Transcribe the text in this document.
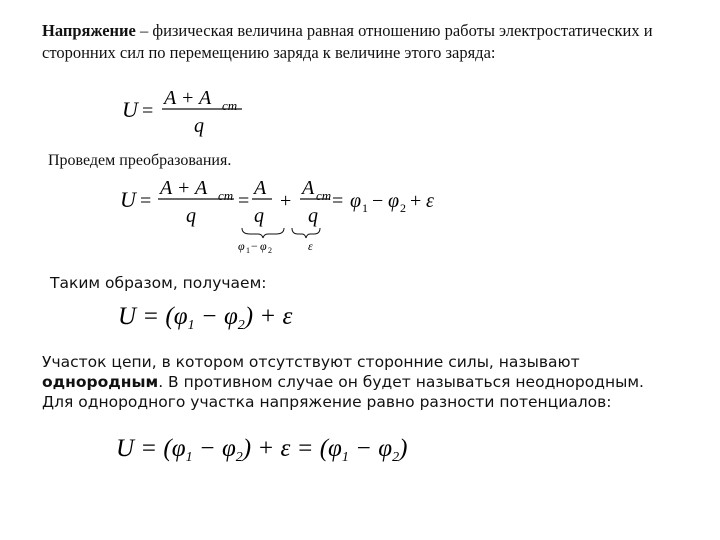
Напряжение – физическая величина равная отношению работы электростатических и сторонних сил по перемещению заряда к величине этого заряда:
U =
A + A ст
q
Проведем преобразования.
U =
A + A ст
q
=
A
q
+
A ст
q
= φ 1 − φ 2 + ε
φ 1 − φ 2	ε
Таким образом, получаем:
$U = (\varphi_1 - \varphi_2) + \varepsilon$
Участок цепи, в котором отсутствуют сторонние силы, называют однородным. В противном случае он будет называться неоднородным.
Для однородного участка напряжение равно разности потенциалов:
$U = (\varphi_1 - \varphi_2) + \varepsilon = (\varphi_1 - \varphi_2)$
